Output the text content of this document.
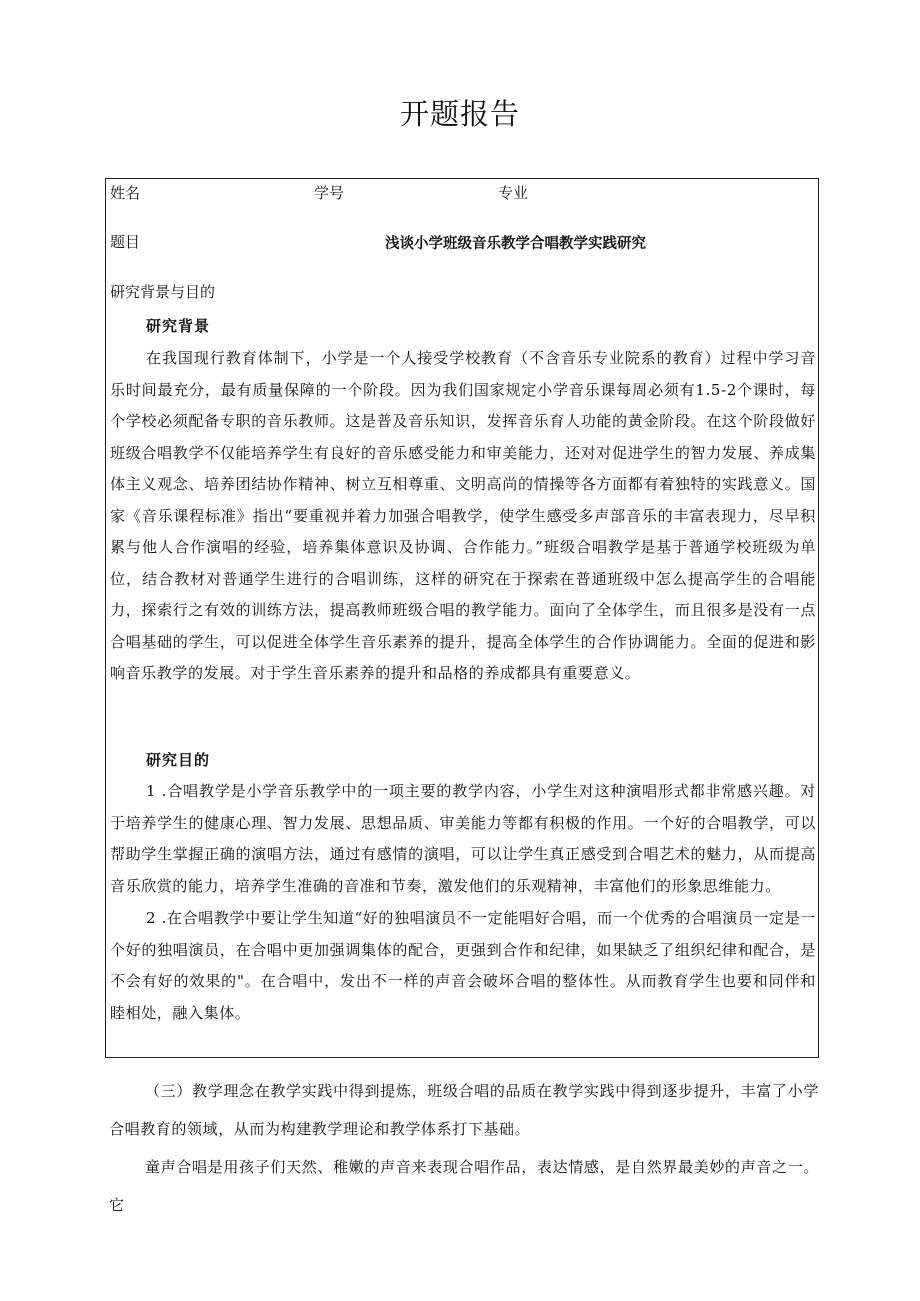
开题报告
姓名	学号	专业
题目	浅谈小学班级音乐教学合唱教学实践研究
研究背景与目的
研究背景

在我国现行教育体制下，小学是一个人接受学校教育（不含音乐专业院系的教育）过程中学习音乐时间最充分，最有质量保障的一个阶段。因为我们国家规定小学音乐课每周必须有1.5-2个课时，每个学校必须配备专职的音乐教师。这是普及音乐知识，发挥音乐育人功能的黄金阶段。在这个阶段做好班级合唱教学不仅能培养学生有良好的音乐感受能力和审美能力，还对对促进学生的智力发展、养成集体主义观念、培养团结协作精神、树立互相尊重、文明高尚的情操等各方面都有着独特的实践意义。国家《音乐课程标准》指出“要重视并着力加强合唱教学，使学生感受多声部音乐的丰富表现力，尽早积累与他人合作演唱的经验，培养集体意识及协调、合作能力。”班级合唱教学是基于普通学校班级为单位，结合教材对普通学生进行的合唱训练，这样的研究在于探索在普通班级中怎么提高学生的合唱能力，探索行之有效的训练方法，提高教师班级合唱的教学能力。面向了全体学生，而且很多是没有一点合唱基础的学生，可以促进全体学生音乐素养的提升，提高全体学生的合作协调能力。全面的促进和影响音乐教学的发展。对于学生音乐素养的提升和品格的养成都具有重要意义。

研究目的

1 .合唱教学是小学音乐教学中的一项主要的教学内容，小学生对这种演唱形式都非常感兴趣。对于培养学生的健康心理、智力发展、思想品质、审美能力等都有积极的作用。一个好的合唱教学，可以帮助学生掌握正确的演唱方法，通过有感情的演唱，可以让学生真正感受到合唱艺术的魅力，从而提高音乐欣赏的能力，培养学生准确的音准和节奏，激发他们的乐观精神，丰富他们的形象思维能力。

2 .在合唱教学中要让学生知道“好的独唱演员不一定能唱好合唱，而一个优秀的合唱演员一定是一个好的独唱演员，在合唱中更加强调集体的配合，更强到合作和纪律，如果缺乏了组织纪律和配合，是不会有好的效果的"。在合唱中，发出不一样的声音会破坏合唱的整体性。从而教育学生也要和同伴和睦相处，融入集体。

（三）教学理念在教学实践中得到提炼，班级合唱的品质在教学实践中得到逐步提升，丰富了小学合唱教育的领域，从而为构建教学理论和教学体系打下基础。

童声合唱是用孩子们天然、稚嫩的声音来表现合唱作品，表达情感，是自然界最美妙的声音之一。它
